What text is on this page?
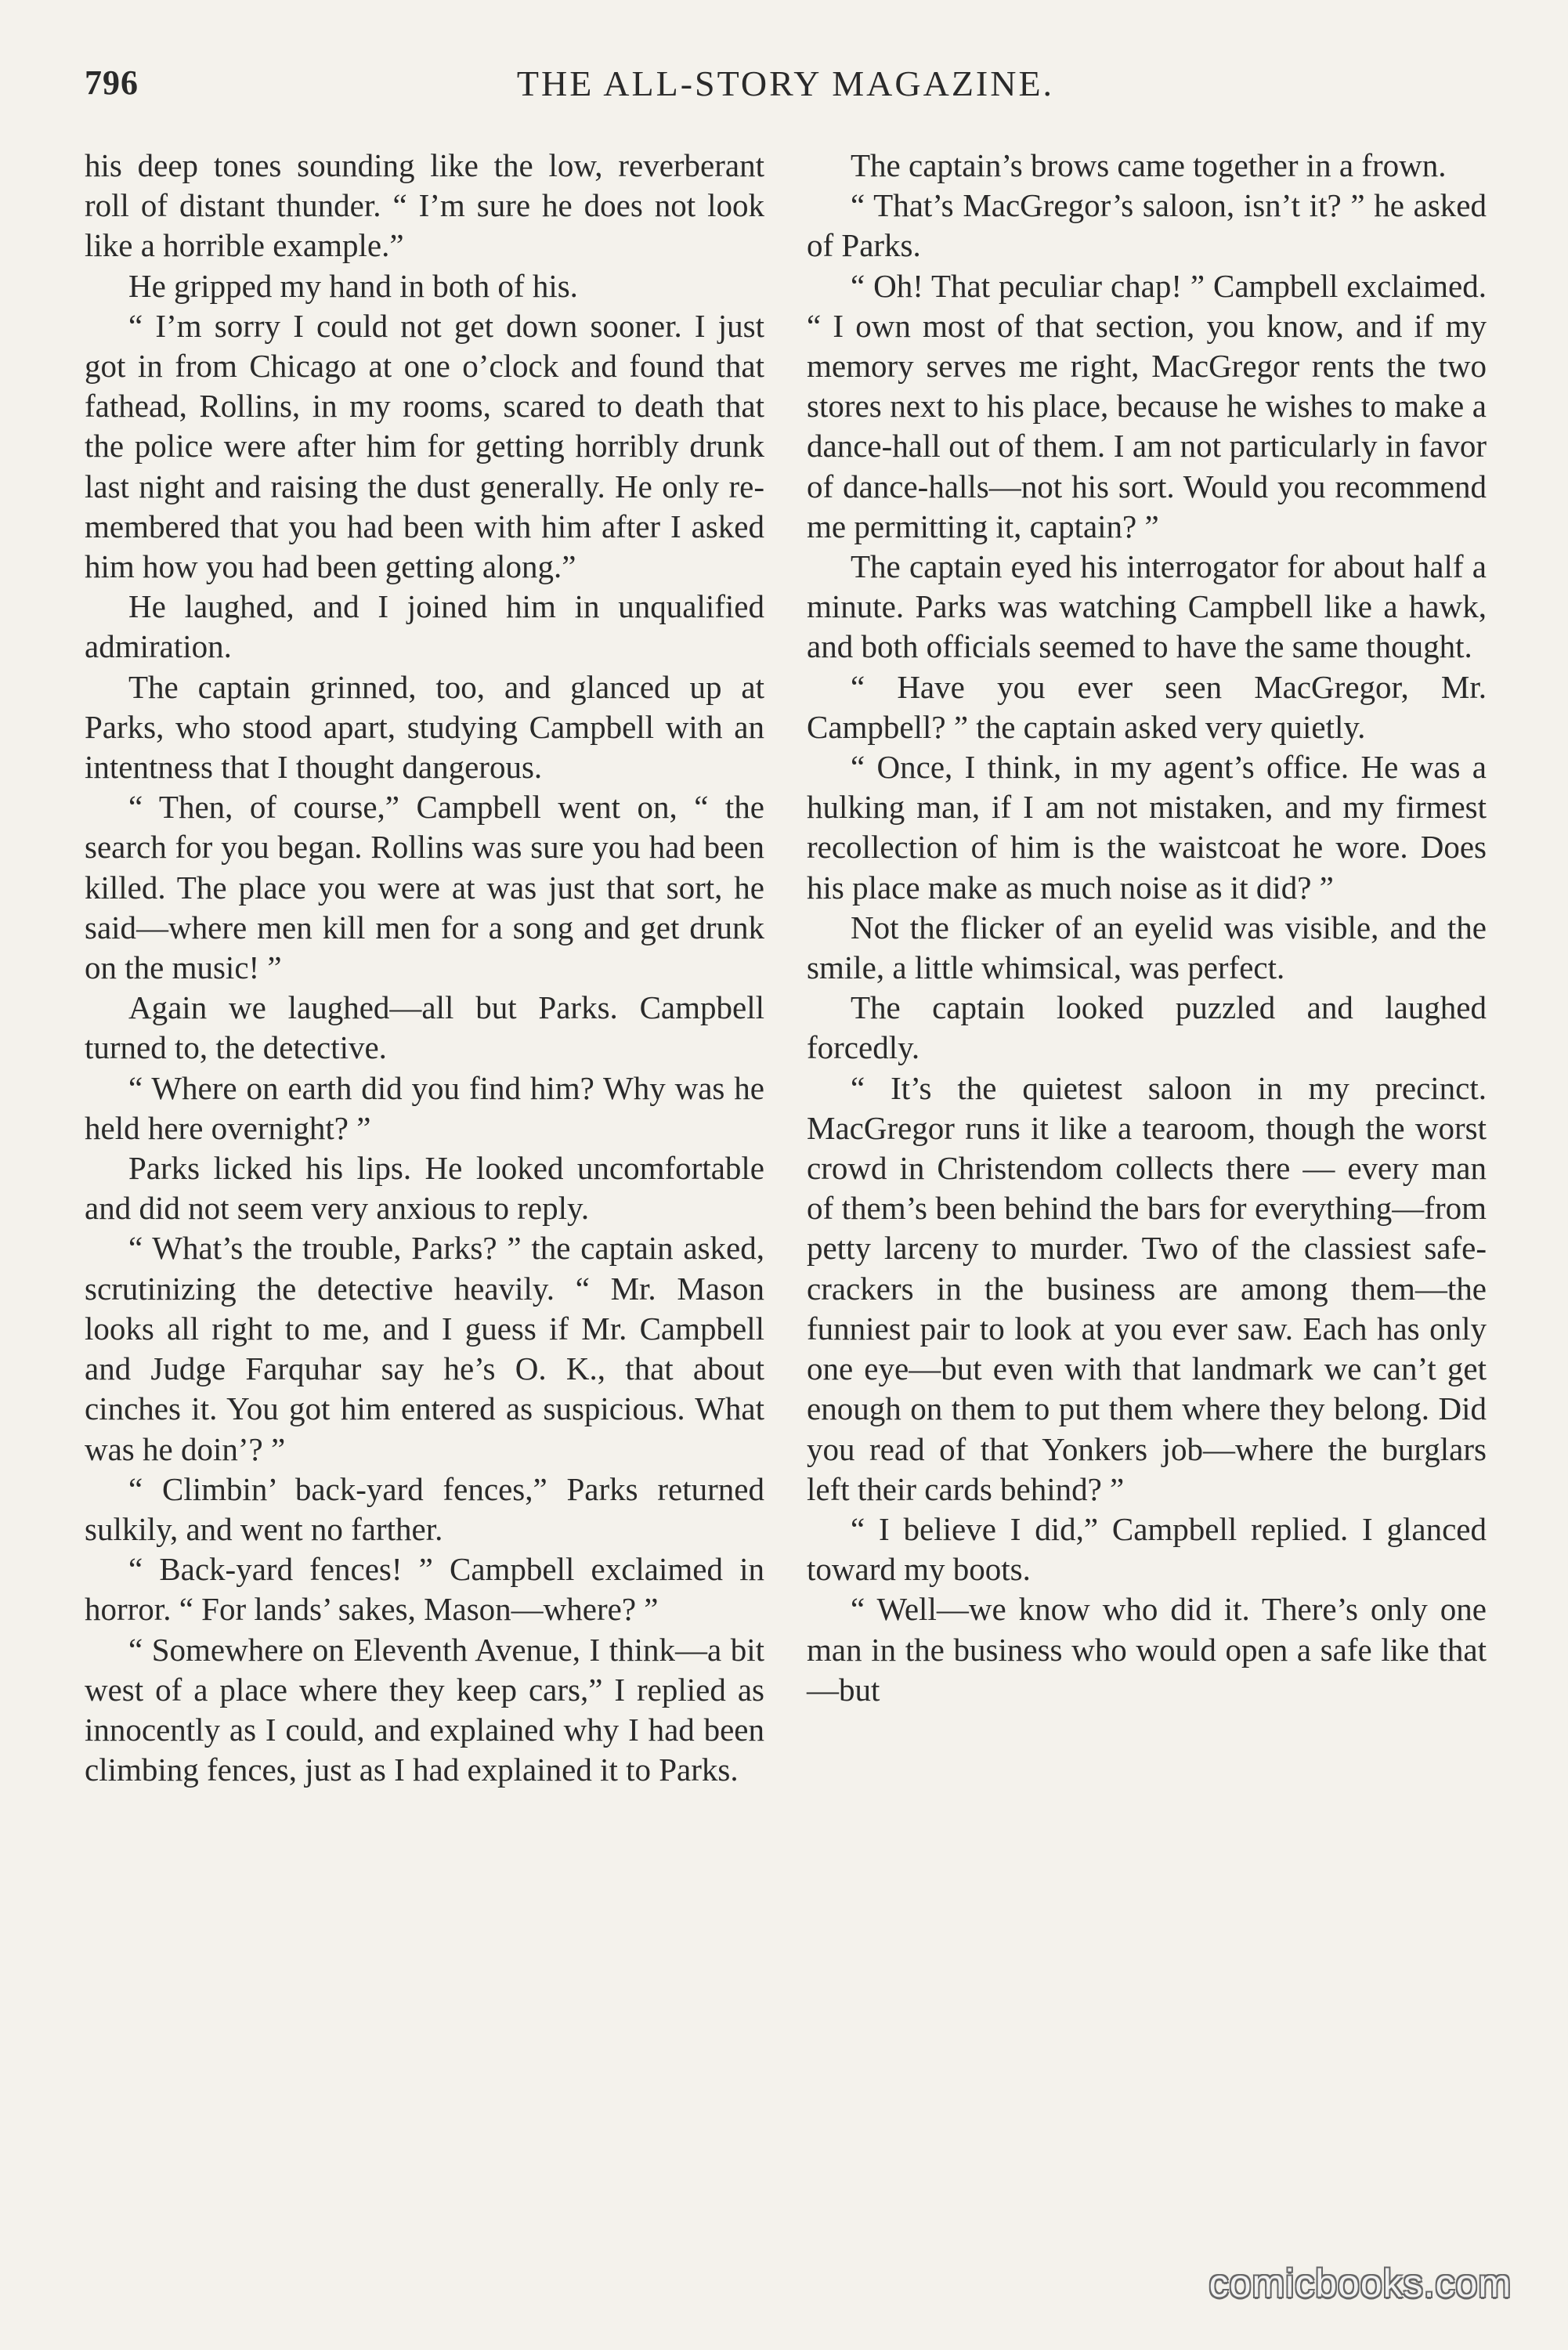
796	THE ALL-STORY MAGAZINE.

his deep tones sounding like the low, reverberant roll of distant thunder. “ I’m sure he does not look like a horrible example.”

He gripped my hand in both of his.

“ I’m sorry I could not get down sooner. I just got in from Chicago at one o’clock and found that fathead, Rollins, in my rooms, scared to death that the police were after him for getting horribly drunk last night and raising the dust generally. He only remembered that you had been with him after I asked him how you had been getting along.”

He laughed, and I joined him in unqualified admiration.

The captain grinned, too, and glanced up at Parks, who stood apart, studying Campbell with an intentness that I thought dangerous.

“ Then, of course,” Campbell went on, “ the search for you began. Rollins was sure you had been killed. The place you were at was just that sort, he said—where men kill men for a song and get drunk on the music! ”

Again we laughed—all but Parks. Campbell turned to, the detective.

“ Where on earth did you find him? Why was he held here overnight? ”

Parks licked his lips. He looked uncomfortable and did not seem very anxious to reply.

“ What’s the trouble, Parks? ” the captain asked, scrutinizing the detective heavily. “ Mr. Mason looks all right to me, and I guess if Mr. Campbell and Judge Farquhar say he’s O. K., that about cinches it. You got him entered as suspicious. What was he doin’? ”

“ Climbin’ back-yard fences,” Parks returned sulkily, and went no farther.

“ Back-yard fences! ” Campbell exclaimed in horror. “ For lands’ sakes, Mason—where? ”

“ Somewhere on Eleventh Avenue, I think—a bit west of a place where they keep cars,” I replied as innocently as I could, and explained why I had been climbing fences, just as I had explained it to Parks.

The captain’s brows came together in a frown.

“ That’s MacGregor’s saloon, isn’t it? ” he asked of Parks.

“ Oh! That peculiar chap! ” Campbell exclaimed. “ I own most of that section, you know, and if my memory serves me right, MacGregor rents the two stores next to his place, because he wishes to make a dance-hall out of them. I am not particularly in favor of dance-halls—not his sort. Would you recommend me permitting it, captain? ”

The captain eyed his interrogator for about half a minute. Parks was watching Campbell like a hawk, and both officials seemed to have the same thought.

“ Have you ever seen MacGregor, Mr. Campbell? ” the captain asked very quietly.

“ Once, I think, in my agent’s office. He was a hulking man, if I am not mistaken, and my firmest recollection of him is the waistcoat he wore. Does his place make as much noise as it did? ”

Not the flicker of an eyelid was visible, and the smile, a little whimsical, was perfect.

The captain looked puzzled and laughed forcedly.

“ It’s the quietest saloon in my precinct. MacGregor runs it like a tearoom, though the worst crowd in Christendom collects there — every man of them’s been behind the bars for everything—from petty larceny to murder. Two of the classiest safecrackers in the business are among them—the funniest pair to look at you ever saw. Each has only one eye—but even with that landmark we can’t get enough on them to put them where they belong. Did you read of that Yonkers job—where the burglars left their cards behind? ”

“ I believe I did,” Campbell replied. I glanced toward my boots.

“ Well—we know who did it. There’s only one man in the business who would open a safe like that—but

comicbooks.com
